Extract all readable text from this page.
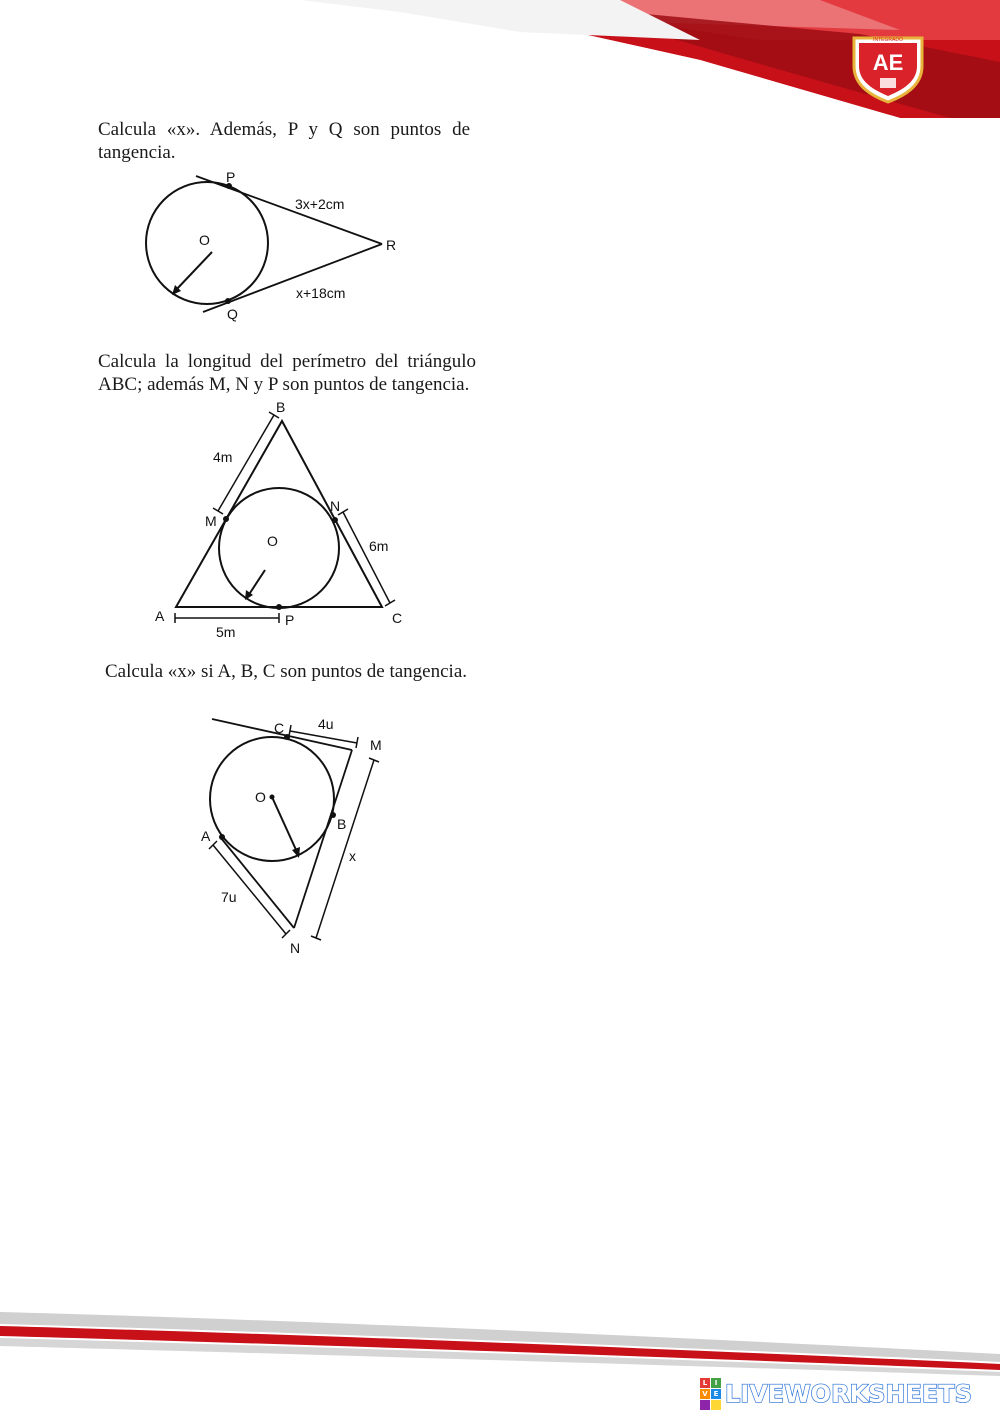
INTEGRADO
AE
Calcula «x». Además, P y Q son puntos de tangencia.
P
Q
R
O
3x+2cm
x+18cm
Calcula la longitud del perímetro del triángulo ABC; además M, N y P son puntos de tangencia.
B
A	C
M
N
P
O
4m
6m
5m
Calcula «x» si A, B, C son puntos de tangencia.
C
M
B
A
N
O
4u
x
7u
L	I
V E LIVEWORKSHEETS
